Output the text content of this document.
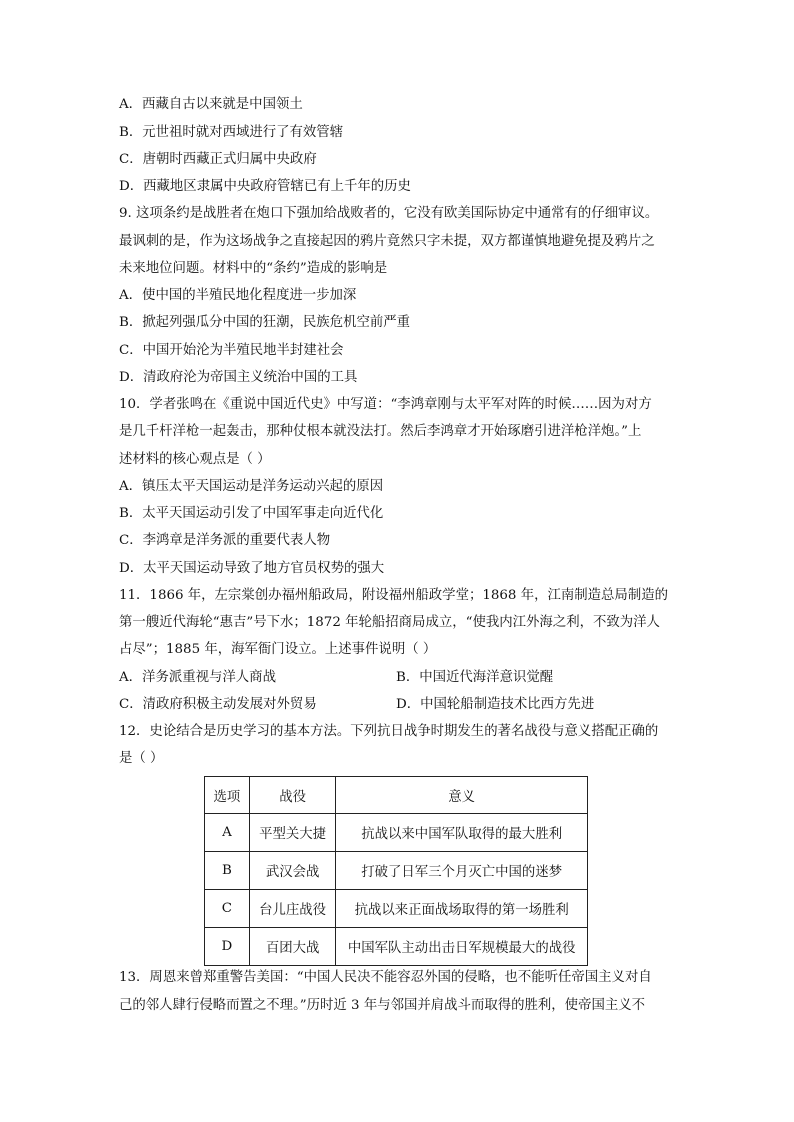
A．西藏自古以来就是中国领土
B．元世祖时就对西域进行了有效管辖
C．唐朝时西藏正式归属中央政府
D．西藏地区隶属中央政府管辖已有上千年的历史
9. 这项条约是战胜者在炮口下强加给战败者的，它没有欧美国际协定中通常有的仔细审议。
最讽刺的是，作为这场战争之直接起因的鸦片竟然只字未提，双方都谨慎地避免提及鸦片之
未来地位问题。材料中的“条约”造成的影响是
A．使中国的半殖民地化程度进一步加深
B．掀起列强瓜分中国的狂潮，民族危机空前严重
C．中国开始沦为半殖民地半封建社会
D．清政府沦为帝国主义统治中国的工具
10．学者张鸣在《重说中国近代史》中写道：“李鸿章刚与太平军对阵的时候……因为对方
是几千杆洋枪一起轰击，那种仗根本就没法打。然后李鸿章才开始琢磨引进洋枪洋炮。”上
述材料的核心观点是（ ）
A．镇压太平天国运动是洋务运动兴起的原因
B．太平天国运动引发了中国军事走向近代化
C．李鸿章是洋务派的重要代表人物
D．太平天国运动导致了地方官员权势的强大
11．1866 年，左宗棠创办福州船政局，附设福州船政学堂；1868 年，江南制造总局制造的
第一艘近代海轮“惠吉”号下水；1872 年轮船招商局成立，“使我内江外海之利，不致为洋人
占尽”；1885 年，海军衙门设立。上述事件说明（ ）
A．洋务派重视与洋人商战	B．中国近代海洋意识觉醒
C．清政府积极主动发展对外贸易	D．中国轮船制造技术比西方先进
12．史论结合是历史学习的基本方法。下列抗日战争时期发生的著名战役与意义搭配正确的
是（ ）
选项	战役	意义
A	平型关大捷	抗战以来中国军队取得的最大胜利
B	武汉会战	打破了日军三个月灭亡中国的迷梦
C	台儿庄战役	抗战以来正面战场取得的第一场胜利
D	百团大战	中国军队主动出击日军规模最大的战役
13．周恩来曾郑重警告美国：“中国人民决不能容忍外国的侵略，也不能听任帝国主义对自
己的邻人肆行侵略而置之不理。”历时近 3 年与邻国并肩战斗而取得的胜利，使帝国主义不
